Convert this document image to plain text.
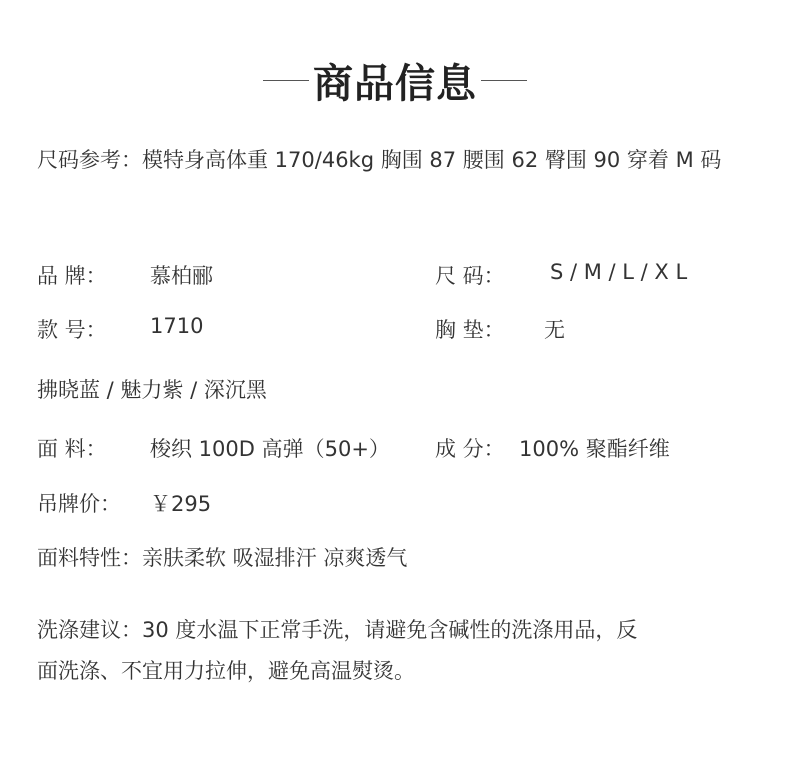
商品信息
尺码参考：模特身高体重 170/46kg 胸围 87 腰围 62 臀围 90 穿着 M 码
品 牌： 慕柏郦	尺 码： S / M / L / X L
款 号： 1710	胸 垫： 无
拂晓蓝 / 魅力紫 / 深沉黑
面 料： 梭织 100D 高弹（50+） 成 分： 100% 聚酯纤维
吊牌价： ￥295
面料特性：亲肤柔软 吸湿排汗 凉爽透气
洗涤建议：30 度水温下正常手洗，请避免含碱性的洗涤用品，反
面洗涤、不宜用力拉伸，避免高温熨烫。
